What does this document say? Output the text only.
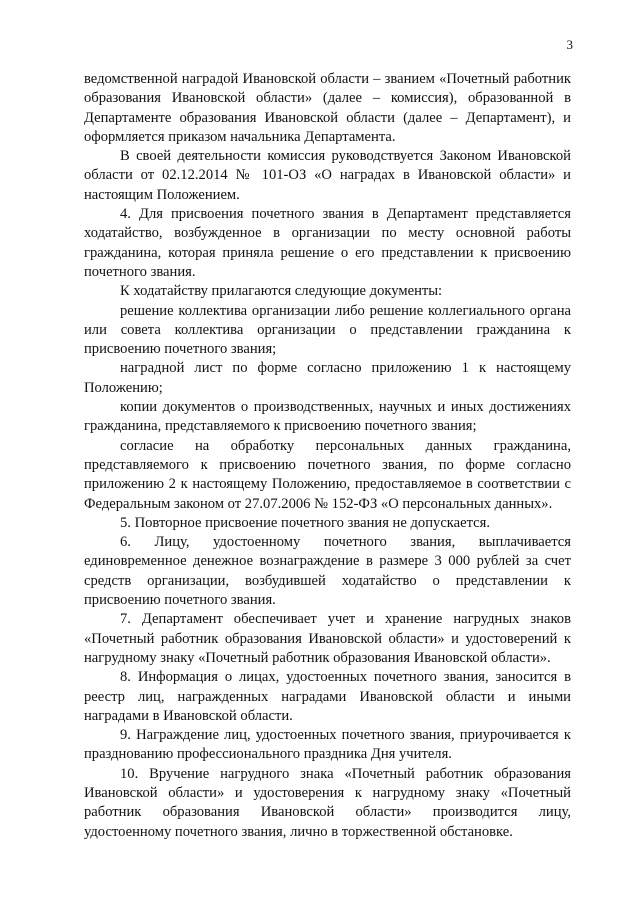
3

ведомственной наградой Ивановской области – званием «Почетный работник образования Ивановской области» (далее – комиссия), образованной в Департаменте образования Ивановской области (далее – Департамент), и оформляется приказом начальника Департамента.

В своей деятельности комиссия руководствуется Законом Ивановской области от 02.12.2014 № 101-ОЗ «О наградах в Ивановской области» и настоящим Положением.

4. Для присвоения почетного звания в Департамент представляется ходатайство, возбужденное в организации по месту основной работы гражданина, которая приняла решение о его представлении к присвоению почетного звания.

К ходатайству прилагаются следующие документы:

решение коллектива организации либо решение коллегиального органа или совета коллектива организации о представлении гражданина к присвоению почетного звания;

наградной лист по форме согласно приложению 1 к настоящему Положению;

копии документов о производственных, научных и иных достижениях гражданина, представляемого к присвоению почетного звания;

согласие на обработку персональных данных гражданина, представляемого к присвоению почетного звания, по форме согласно приложению 2 к настоящему Положению, предоставляемое в соответствии с Федеральным законом от 27.07.2006 № 152-ФЗ «О персональных данных».

5. Повторное присвоение почетного звания не допускается.

6. Лицу, удостоенному почетного звания, выплачивается единовременное денежное вознаграждение в размере 3 000 рублей за счет средств организации, возбудившей ходатайство о представлении к присвоению почетного звания.

7. Департамент обеспечивает учет и хранение нагрудных знаков «Почетный работник образования Ивановской области» и удостоверений к нагрудному знаку «Почетный работник образования Ивановской области».

8. Информация о лицах, удостоенных почетного звания, заносится в реестр лиц, награжденных наградами Ивановской области и иными наградами в Ивановской области.

9. Награждение лиц, удостоенных почетного звания, приурочивается к празднованию профессионального праздника Дня учителя.

10. Вручение нагрудного знака «Почетный работник образования Ивановской области» и удостоверения к нагрудному знаку «Почетный работник образования Ивановской области» производится лицу, удостоенному почетного звания, лично в торжественной обстановке.
